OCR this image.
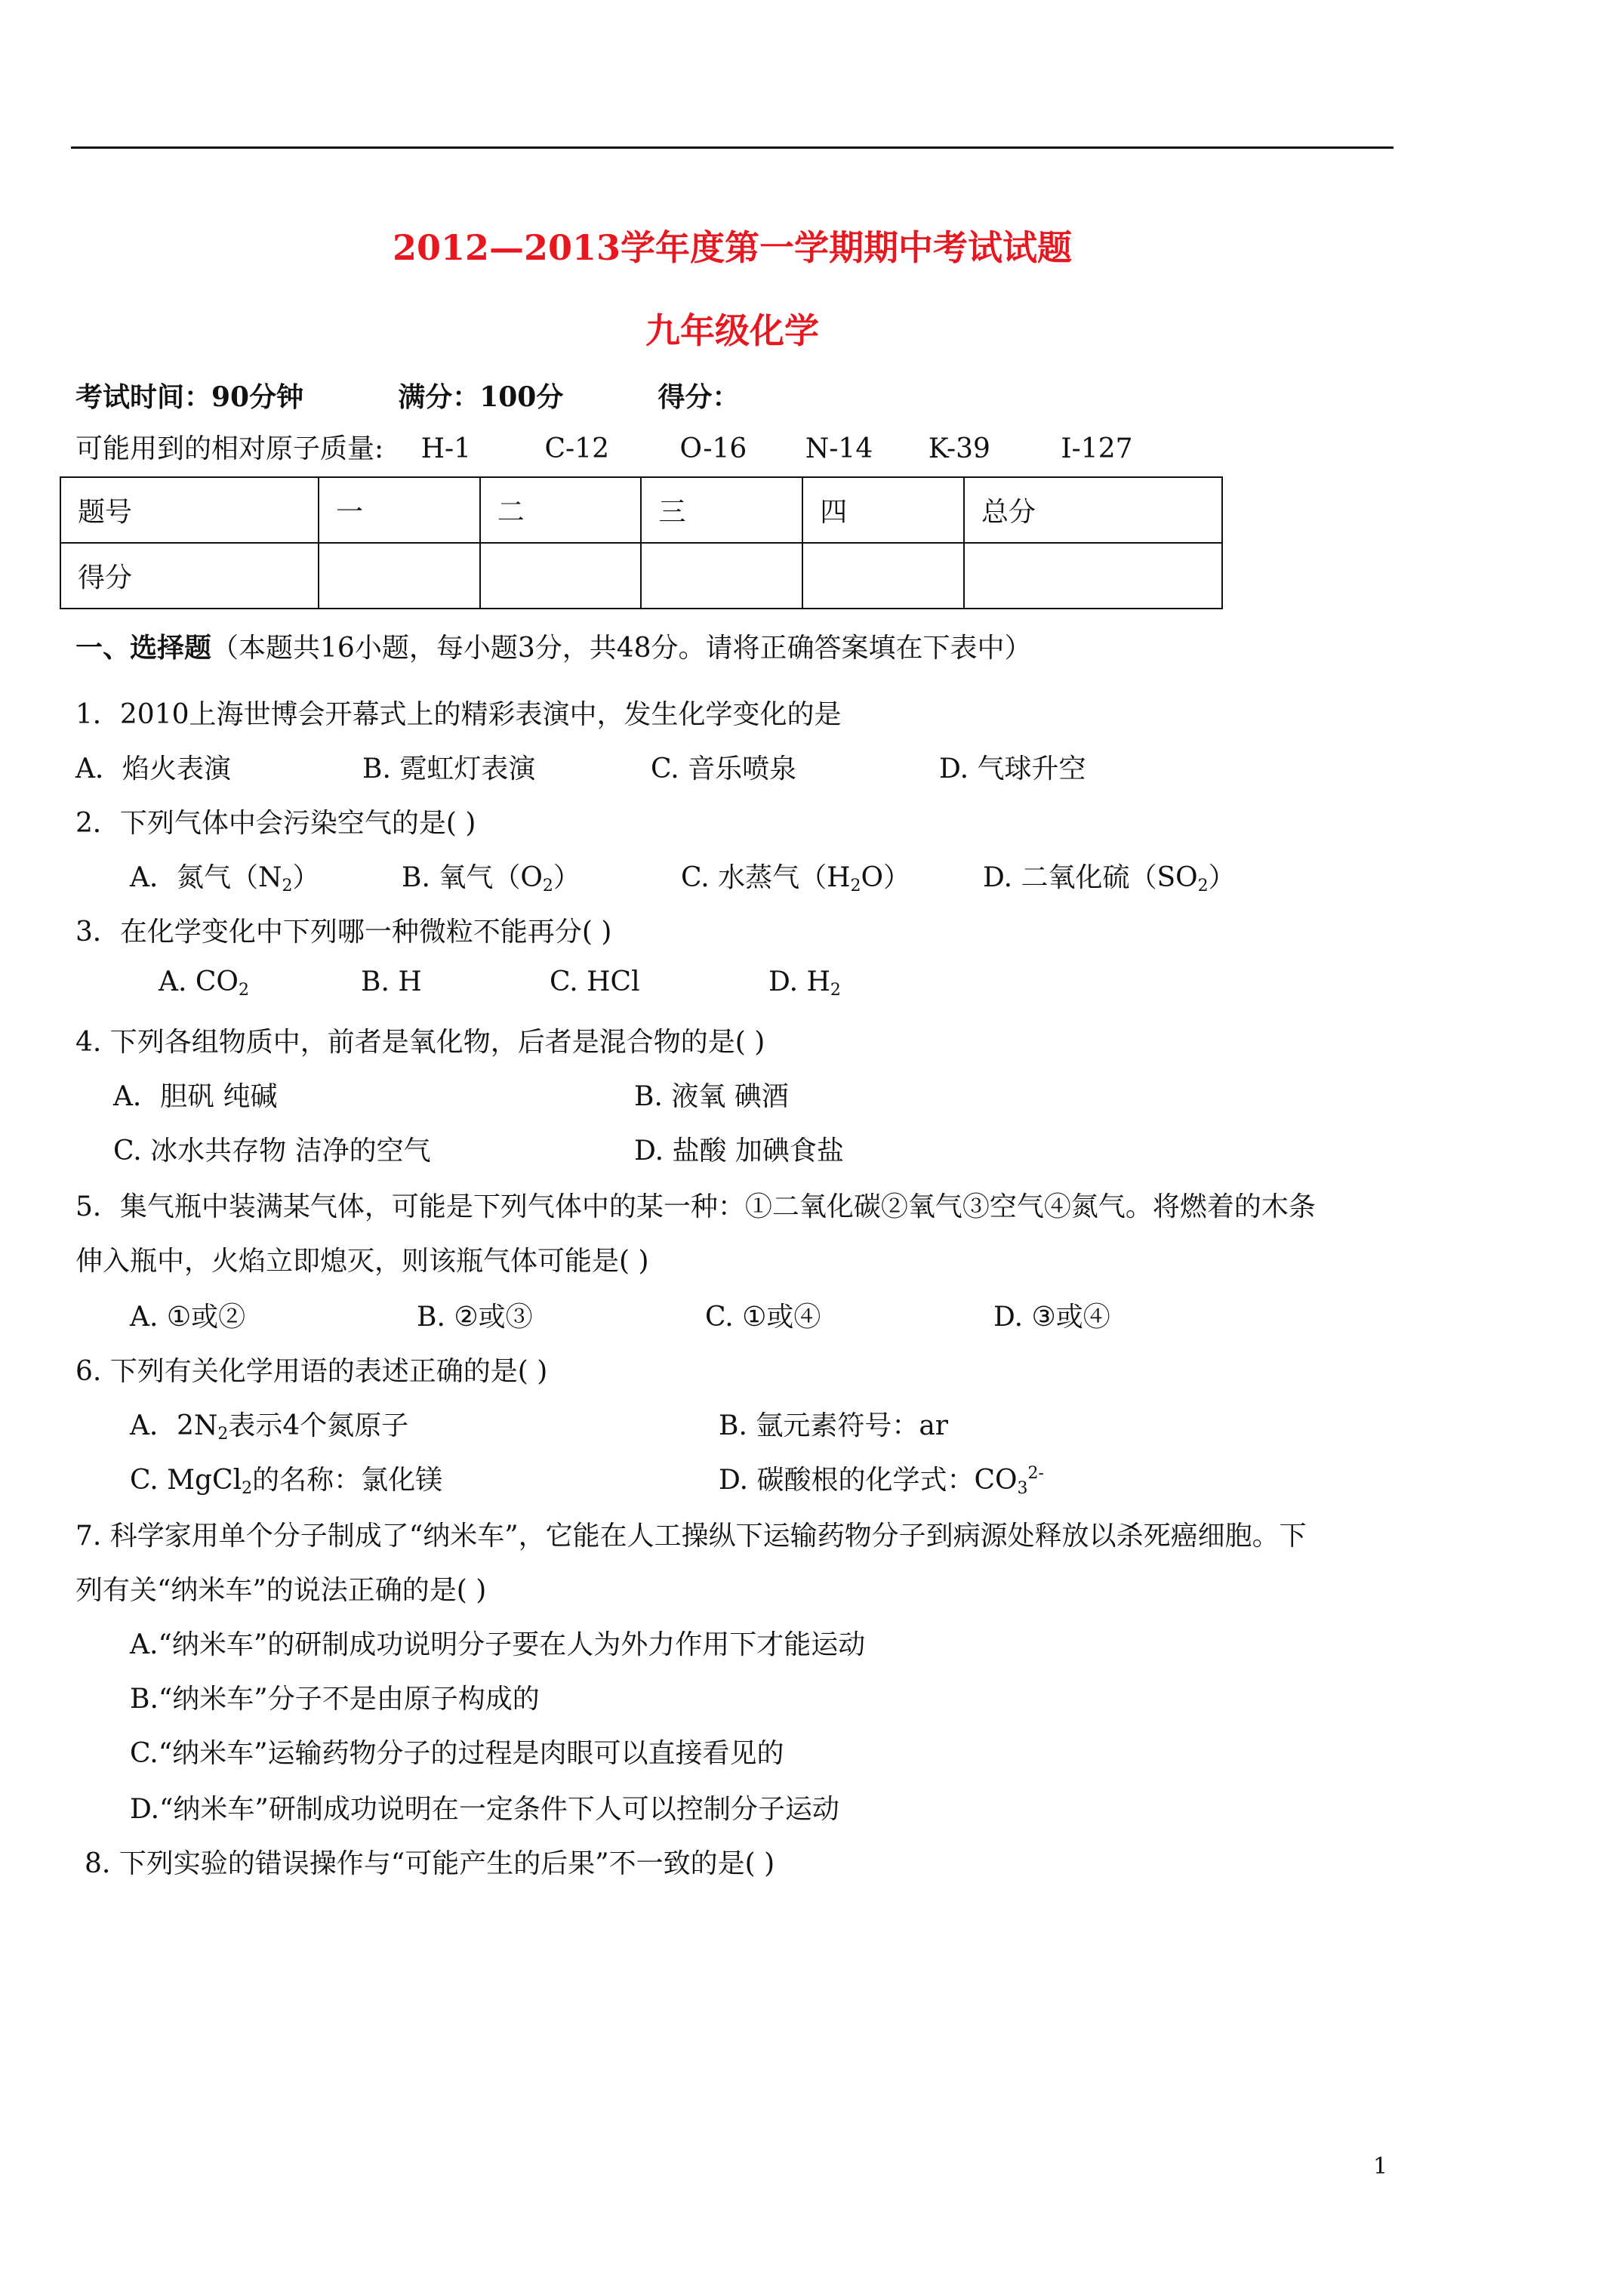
2012—2013学年度第一学期期中考试试题
九年级化学
考试时间：90分钟	满分：100分	得分：
可能用到的相对原子质量: H-1	C-12	O-16 N-14 K-39	I-127
题号	一	二	三	四	总分
得分					
一、选择题（本题共16小题，每小题3分，共48分。请将正确答案填在下表中）
1．2010上海世博会开幕式上的精彩表演中，发生化学变化的是
A．焰火表演	B. 霓虹灯表演	C. 音乐喷泉	D. 气球升空
2．下列气体中会污染空气的是( )
A．氮气$(N_2)$	B. 氧气$(O_2)$	C. 水蒸气$(H_2O)$	D. 二氧化硫$(SO_2)$
3．在化学变化中下列哪一种微粒不能再分( )
A. $CO_2$	B. H	C. HCl	D. $H_2$
4. 下列各组物质中，前者是氧化物，后者是混合物的是( )
A．胆矾 纯碱	B. 液氧 碘酒
C. 冰水共存物 洁净的空气	D. 盐酸 加碘食盐
5．集气瓶中装满某气体，可能是下列气体中的某一种：①二氧化碳②氧气③空气④氮气。将燃着的木条
伸入瓶中，火焰立即熄灭，则该瓶气体可能是( )
A. ①或②	B. ②或③	C. ①或④	D. ③或④
6. 下列有关化学用语的表述正确的是( )
A．$2N_2$表示4个氮原子	B. 氩元素符号：ar
C. MgCl$_2$的名称：氯化镁	D. 碳酸根的化学式：$CO_3^{2-}$
7. 科学家用单个分子制成了“纳米车”，它能在人工操纵下运输药物分子到病源处释放以杀死癌细胞。下
列有关“纳米车”的说法正确的是( )
A.“纳米车”的研制成功说明分子要在人为外力作用下才能运动
B.“纳米车”分子不是由原子构成的
C.“纳米车”运输药物分子的过程是肉眼可以直接看见的
D.“纳米车”研制成功说明在一定条件下人可以控制分子运动
8. 下列实验的错误操作与“可能产生的后果”不一致的是( )
1
